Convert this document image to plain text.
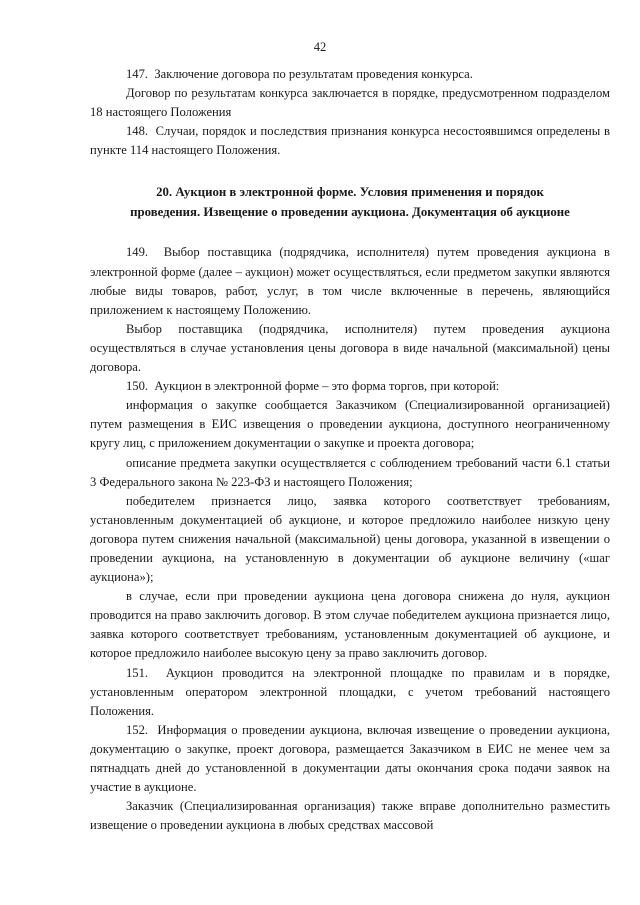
42

147.  Заключение договора по результатам проведения конкурса.

Договор по результатам конкурса заключается в порядке, предусмотренном подразделом 18 настоящего Положения

148.  Случаи, порядок и последствия признания конкурса несостоявшимся определены в пункте 114 настоящего Положения.

20. Аукцион в электронной форме. Условия применения и порядок
проведения. Извещение о проведении аукциона. Документация об аукционе

149.  Выбор поставщика (подрядчика, исполнителя) путем проведения аукциона в электронной форме (далее – аукцион) может осуществляться, если предметом закупки являются любые виды товаров, работ, услуг, в том числе включенные в перечень, являющийся приложением к настоящему Положению.

Выбор поставщика (подрядчика, исполнителя) путем проведения аукциона осуществляться в случае установления цены договора в виде начальной (максимальной) цены договора.

150.  Аукцион в электронной форме – это форма торгов, при которой:

информация о закупке сообщается Заказчиком (Специализированной организацией) путем размещения в ЕИС извещения о проведении аукциона, доступного неограниченному кругу лиц, с приложением документации о закупке и проекта договора;

описание предмета закупки осуществляется с соблюдением требований части 6.1 статьи 3 Федерального закона № 223-ФЗ и настоящего Положения;

победителем признается лицо, заявка которого соответствует требованиям, установленным документацией об аукционе, и которое предложило наиболее низкую цену договора путем снижения начальной (максимальной) цены договора, указанной в извещении о проведении аукциона, на установленную в документации об аукционе величину («шаг аукциона»);

в случае, если при проведении аукциона цена договора снижена до нуля, аукцион проводится на право заключить договор. В этом случае победителем аукциона признается лицо, заявка которого соответствует требованиям, установленным документацией об аукционе, и которое предложило наиболее высокую цену за право заключить договор.

151.  Аукцион проводится на электронной площадке по правилам и в порядке, установленным оператором электронной площадки, с учетом требований настоящего Положения.

152.  Информация о проведении аукциона, включая извещение о проведении аукциона, документацию о закупке, проект договора, размещается Заказчиком в ЕИС не менее чем за пятнадцать дней до установленной в документации даты окончания срока подачи заявок на участие в аукционе.

Заказчик (Специализированная организация) также вправе дополнительно разместить извещение о проведении аукциона в любых средствах массовой
